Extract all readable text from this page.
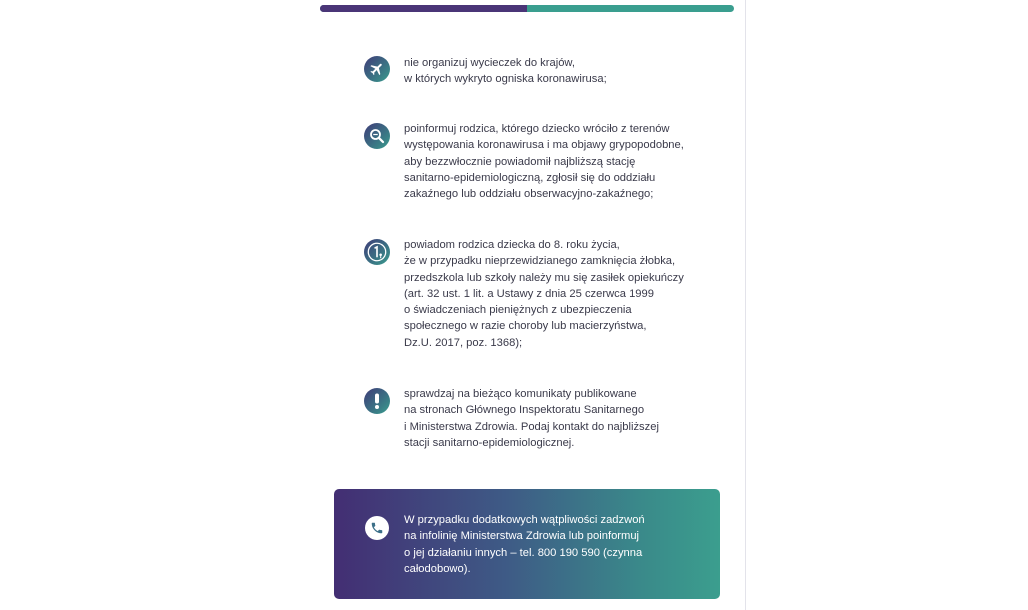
nie organizuj wycieczek do krajów,
w których wykryto ogniska koronawirusa;
poinformuj rodzica, którego dziecko wróciło z terenów
występowania koronawirusa i ma objawy grypopodobne,
aby bezzwłocznie powiadomił najbliższą stację
sanitarno-epidemiologiczną, zgłosił się do oddziału
zakaźnego lub oddziału obserwacyjno-zakaźnego;
powiadom rodzica dziecka do 8. roku życia,
że w przypadku nieprzewidzianego zamknięcia żłobka,
przedszkola lub szkoły należy mu się zasiłek opiekuńczy
(art. 32 ust. 1 lit. a Ustawy z dnia 25 czerwca 1999
o świadczeniach pieniężnych z ubezpieczenia
społecznego w razie choroby lub macierzyństwa,
Dz.U. 2017, poz. 1368);
sprawdzaj na bieżąco komunikaty publikowane
na stronach Głównego Inspektoratu Sanitarnego
i Ministerstwa Zdrowia. Podaj kontakt do najbliższej
stacji sanitarno-epidemiologicznej.
W przypadku dodatkowych wątpliwości zadzwoń
na infolinię Ministerstwa Zdrowia lub poinformuj
o jej działaniu innych – tel. 800 190 590 (czynna
całodobowo).
